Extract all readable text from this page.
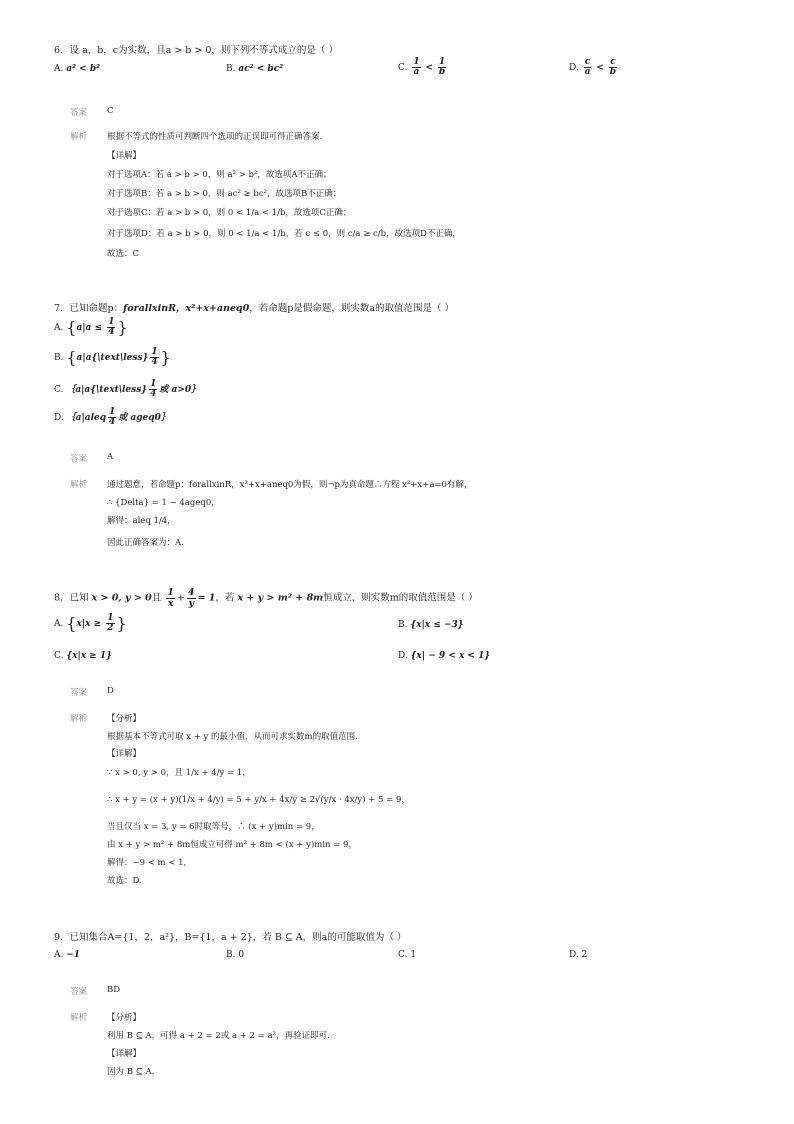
6．设 a，b，c为实数，且a > b > 0，则下列不等式成立的是（ ）
A. a² < b²	B. ac² < bc²	C. $\frac{1}{a} < \frac{1}{b}$	D. $\frac{c}{a} < \frac{c}{b}$
答案 C
解析 根据不等式的性质可判断四个选项的正误即可得正确答案.
【详解】
对于选项A：若 a > b > 0，则 a² > b²，故选项A不正确；
对于选项B：若 a > b > 0，则 ac² ≥ bc²，故选项B不正确；
对于选项C：若 a > b > 0，则 0 < 1/a < 1/b，故选项C正确；
对于选项D：若 a > b > 0，则 0 < 1/a < 1/b，若 c ≤ 0，则 c/a ≥ c/b，故选项D不正确，
故选：C
7．已知命题p：forallxinR，x²+x+aneq0，若命题p是假命题，则实数a的取值范围是（ ）
A. {$a|a \le \frac{1}{4}$ }
B. {a|a{\text\less} $\frac{1}{4}$ }
C. ｛a|a{\text\less} $\frac{1}{4}$ 或 a>0｝
D. ｛a|aleq $\frac{1}{4}$ 或 ageq0｝
答案 A
解析 通过题意，若命题p：forallxinR，x²+x+aneq0为假，则¬p为真命题∴方程 x²+x+a=0有解，
∴ {Delta} = 1 − 4ageq0，
解得：aleq 1/4，
因此正确答案为：A.
8．已知 x > 0, y > 0且 $\frac{1}{x} + \frac{4}{y} = 1$，若 x + y > m² + 8m恒成立，则实数m的取值范围是（ ）
A. {$x|x \ge \frac{1}{2}$ }	B. {x|x ≤ −3}
C. {x|x ≥ 1}	D. {x| − 9 < x < 1}
答案 D
解析 【分析】
根据基本不等式可取 x + y 的最小值，从而可求实数m的取值范围.
【详解】
∵ x > 0, y > 0，且 1/x + 4/y = 1，
∴ x + y = (x + y)(1/x + 4/y) = 5 + y/x + 4x/y ≥ 2√(y/x · 4x/y) + 5 = 9，
当且仅当 x = 3, y = 6时取等号，∴ (x + y)min = 9，
由 x + y > m² + 8m恒成立可得 m² + 8m < (x + y)min = 9，
解得：−9 < m < 1，
故选：D.
9．已知集合A={1，2，a²}，B={1，a + 2}，若 B ⊆ A，则a的可能取值为（ ）
A. −1	B. 0	C. 1	D. 2
答案 BD
解析 【分析】
利用 B ⊆ A，可得 a + 2 = 2或 a + 2 = a²，再验证即可.
【详解】
因为 B ⊆ A，
